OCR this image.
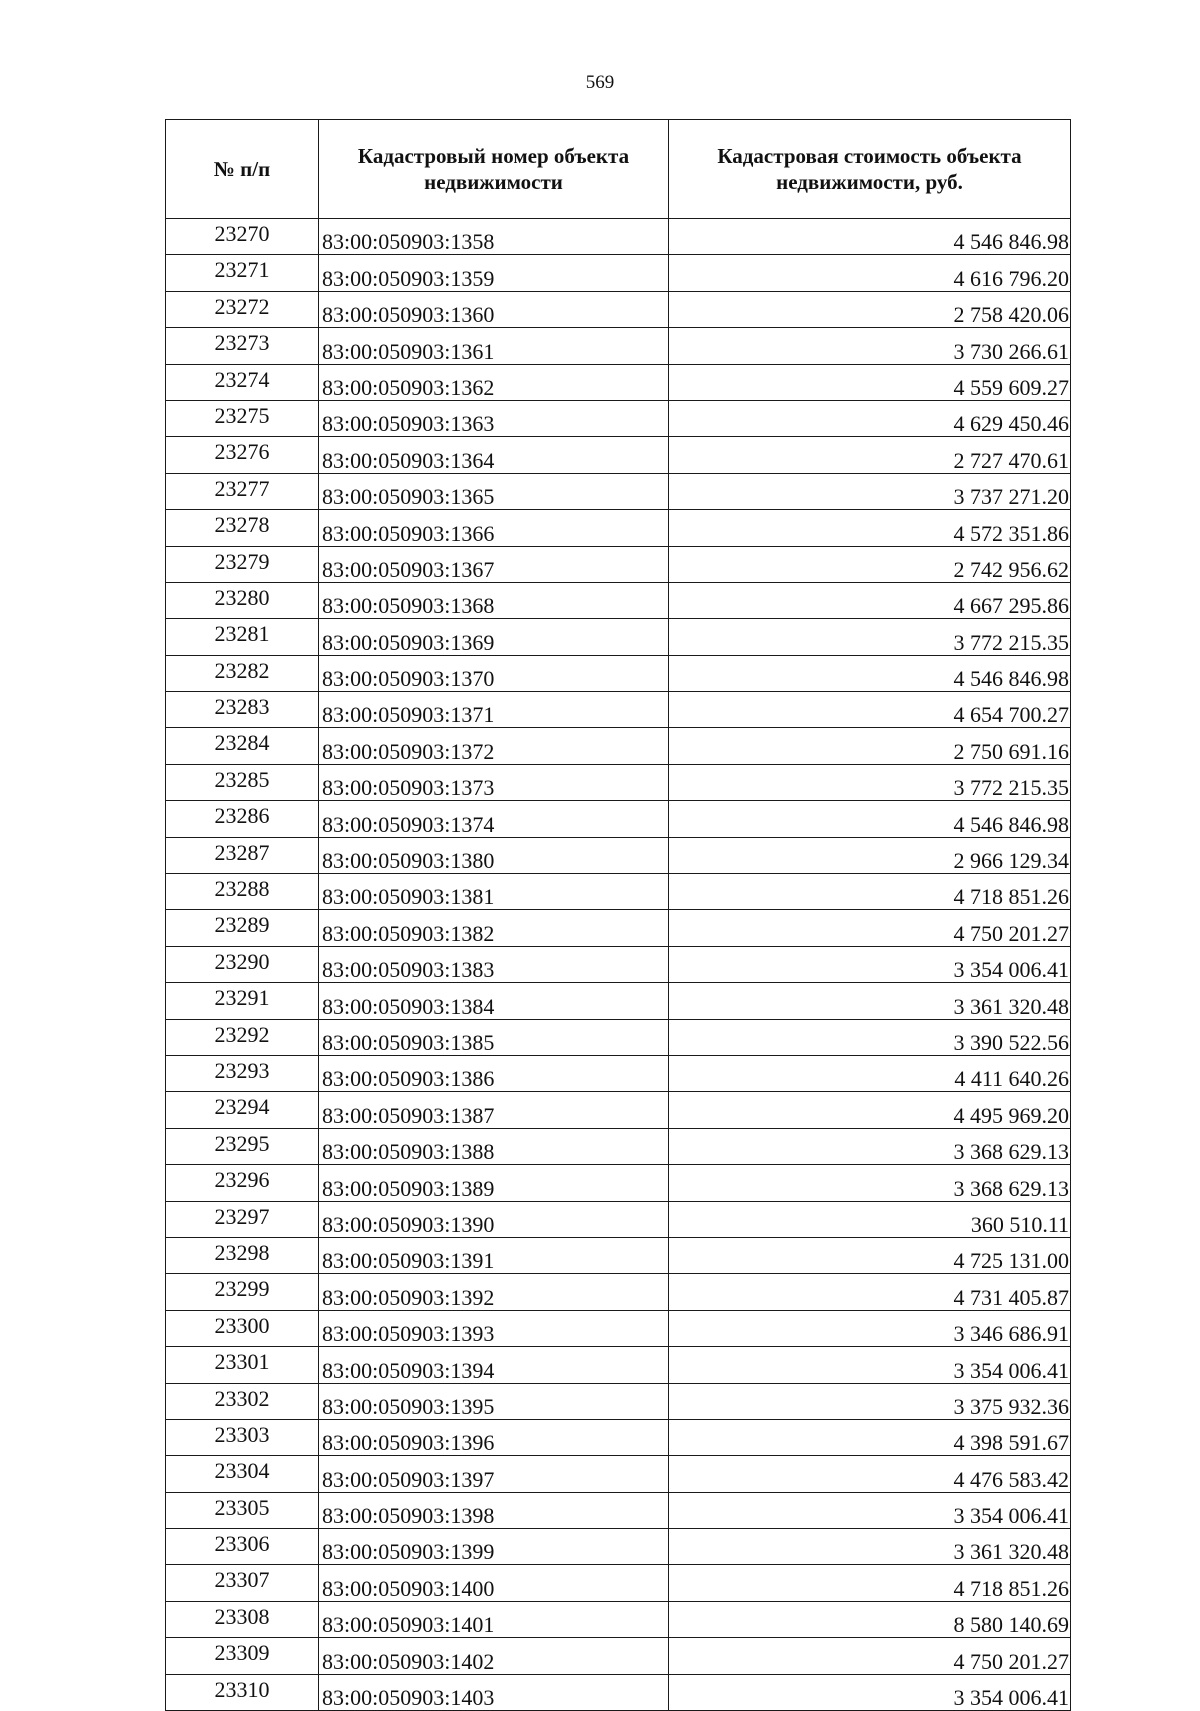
569
№ п/п	Кадастровый номер объекта недвижимости	Кадастровая стоимость объекта недвижимости, руб.
23270	83:00:050903:1358	4 546 846.98
23271	83:00:050903:1359	4 616 796.20
23272	83:00:050903:1360	2 758 420.06
23273	83:00:050903:1361	3 730 266.61
23274	83:00:050903:1362	4 559 609.27
23275	83:00:050903:1363	4 629 450.46
23276	83:00:050903:1364	2 727 470.61
23277	83:00:050903:1365	3 737 271.20
23278	83:00:050903:1366	4 572 351.86
23279	83:00:050903:1367	2 742 956.62
23280	83:00:050903:1368	4 667 295.86
23281	83:00:050903:1369	3 772 215.35
23282	83:00:050903:1370	4 546 846.98
23283	83:00:050903:1371	4 654 700.27
23284	83:00:050903:1372	2 750 691.16
23285	83:00:050903:1373	3 772 215.35
23286	83:00:050903:1374	4 546 846.98
23287	83:00:050903:1380	2 966 129.34
23288	83:00:050903:1381	4 718 851.26
23289	83:00:050903:1382	4 750 201.27
23290	83:00:050903:1383	3 354 006.41
23291	83:00:050903:1384	3 361 320.48
23292	83:00:050903:1385	3 390 522.56
23293	83:00:050903:1386	4 411 640.26
23294	83:00:050903:1387	4 495 969.20
23295	83:00:050903:1388	3 368 629.13
23296	83:00:050903:1389	3 368 629.13
23297	83:00:050903:1390	360 510.11
23298	83:00:050903:1391	4 725 131.00
23299	83:00:050903:1392	4 731 405.87
23300	83:00:050903:1393	3 346 686.91
23301	83:00:050903:1394	3 354 006.41
23302	83:00:050903:1395	3 375 932.36
23303	83:00:050903:1396	4 398 591.67
23304	83:00:050903:1397	4 476 583.42
23305	83:00:050903:1398	3 354 006.41
23306	83:00:050903:1399	3 361 320.48
23307	83:00:050903:1400	4 718 851.26
23308	83:00:050903:1401	8 580 140.69
23309	83:00:050903:1402	4 750 201.27
23310	83:00:050903:1403	3 354 006.41
